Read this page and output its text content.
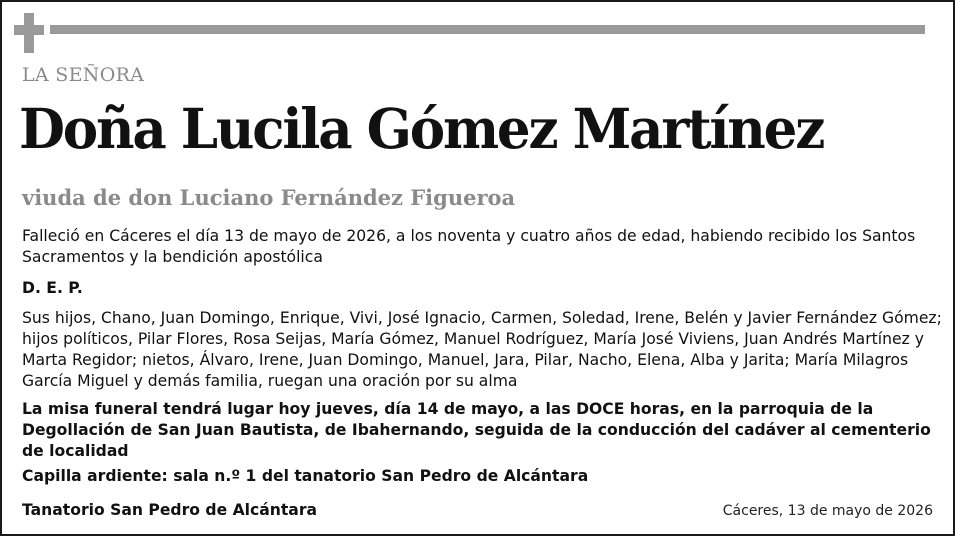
LA SEÑORA
Doña Lucila Gómez Martínez
viuda de don Luciano Fernández Figueroa
Falleció en Cáceres el día 13 de mayo de 2026, a los noventa y cuatro años de edad, habiendo recibido los Santos Sacramentos y la bendición apostólica
D. E. P.
Sus hijos, Chano, Juan Domingo, Enrique, Vivi, José Ignacio, Carmen, Soledad, Irene, Belén y Javier Fernández Gómez; hijos políticos, Pilar Flores, Rosa Seijas, María Gómez, Manuel Rodríguez, María José Viviens, Juan Andrés Martínez y Marta Regidor; nietos, Álvaro, Irene, Juan Domingo, Manuel, Jara, Pilar, Nacho, Elena, Alba y Jarita; María Milagros García Miguel y demás familia, ruegan una oración por su alma
La misa funeral tendrá lugar hoy jueves, día 14 de mayo, a las DOCE horas, en la parroquia de la Degollación de San Juan Bautista, de Ibahernando, seguida de la conducción del cadáver al cementerio de localidad
Capilla ardiente: sala n.º 1 del tanatorio San Pedro de Alcántara
Tanatorio San Pedro de Alcántara	Cáceres, 13 de mayo de 2026
